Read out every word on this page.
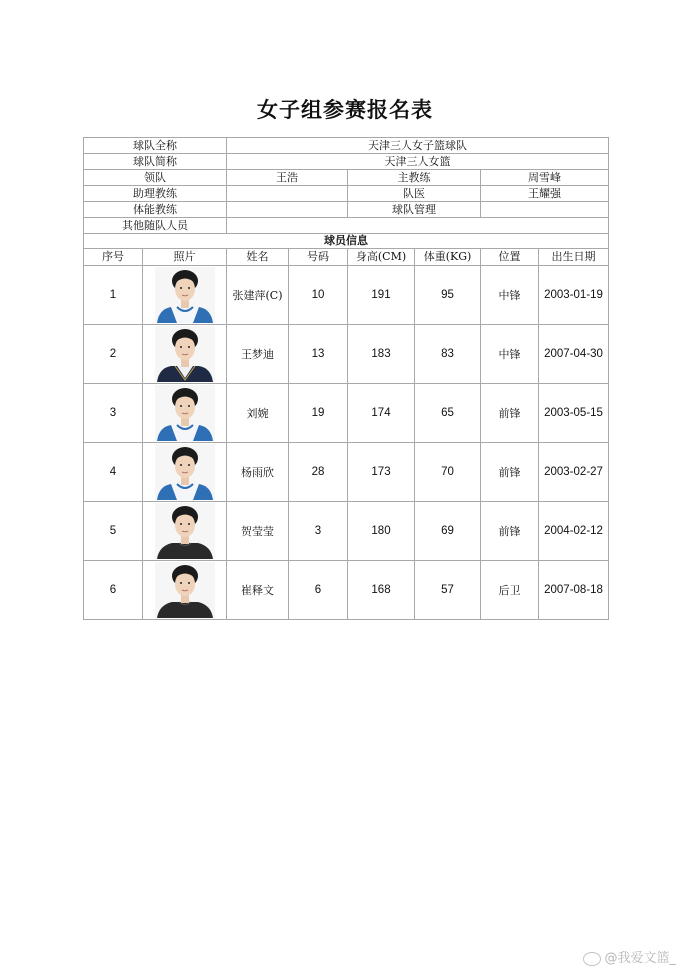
女子组参赛报名表
球队全称		天津三人女子篮球队					
球队简称		天津三人女篮					
领队		王浩		主教练		周雪峰	
助理教练				队医		王耀强	
体能教练				球队管理			
其他随队人员							
球员信息							
序号	照片	姓名	号码	身高(CM)	体重(KG)	位置	出生日期
1		张建萍(C)	10	191	95	中锋	2003-01-19
2		王梦迪	13	183	83	中锋	2007-04-30
3		刘婉	19	174	65	前锋	2003-05-15
4		杨雨欣	28	173	70	前锋	2003-02-27
5		贺莹莹	3	180	69	前锋	2004-02-12
6		崔释文	6	168	57	后卫	2007-08-18
@我爱文篮_
